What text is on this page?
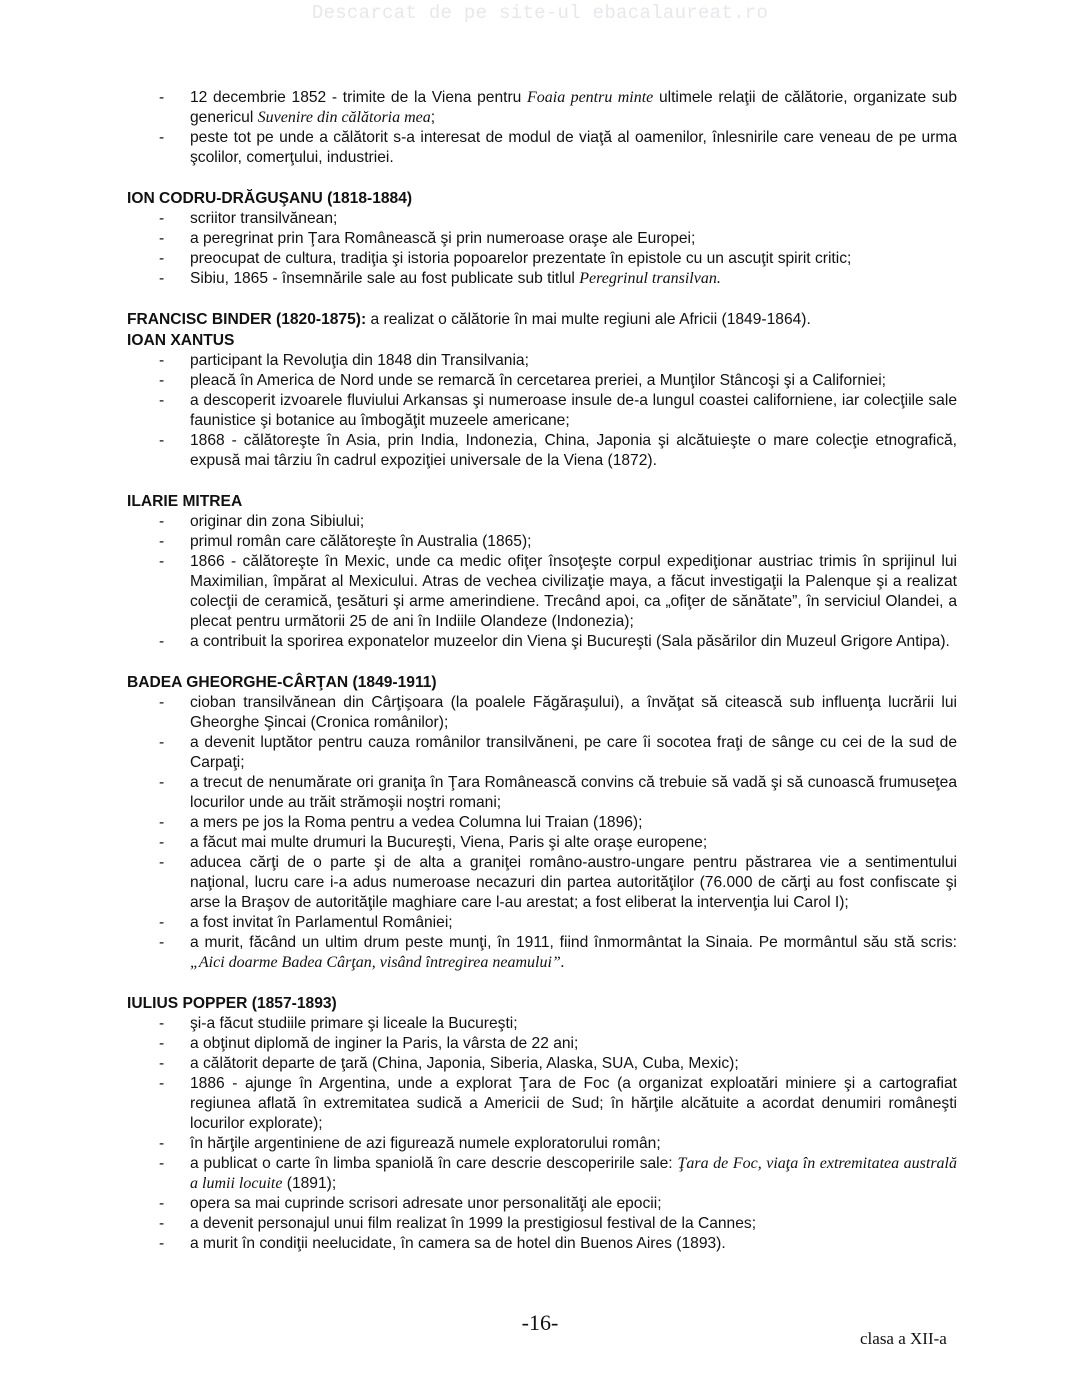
Descarcat de pe site-ul ebacalaureat.ro
- 12 decembrie 1852 - trimite de la Viena pentru Foaia pentru minte ultimele relaţii de călătorie, organizate sub genericul Suvenire din călătoria mea;
- peste tot pe unde a călătorit s-a interesat de modul de viaţă al oamenilor, înlesnirile care veneau de pe urma şcolilor, comerţului, industriei.
ION CODRU-DRĂGUŞANU (1818-1884)
- scriitor transilvănean;
- a peregrinat prin Ţara Românească şi prin numeroase oraşe ale Europei;
- preocupat de cultura, tradiţia şi istoria popoarelor prezentate în epistole cu un ascuţit spirit critic;
- Sibiu, 1865 - însemnările sale au fost publicate sub titlul Peregrinul transilvan.
FRANCISC BINDER (1820-1875): a realizat o călătorie în mai multe regiuni ale Africii (1849-1864).
IOAN XANTUS
- participant la Revoluţia din 1848 din Transilvania;
- pleacă în America de Nord unde se remarcă în cercetarea preriei, a Munţilor Stâncoşi şi a Californiei;
- a descoperit izvoarele fluviului Arkansas şi numeroase insule de-a lungul coastei californiene, iar colecţiile sale faunistice şi botanice au îmbogăţit muzeele americane;
- 1868 - călătoreşte în Asia, prin India, Indonezia, China, Japonia şi alcătuieşte o mare colecţie etnografică, expusă mai târziu în cadrul expoziţiei universale de la Viena (1872).
ILARIE MITREA
- originar din zona Sibiului;
- primul român care călătoreşte în Australia (1865);
- 1866 - călătoreşte în Mexic, unde ca medic ofiţer însoţeşte corpul expediţionar austriac trimis în sprijinul lui Maximilian, împărat al Mexicului. Atras de vechea civilizaţie maya, a făcut investigaţii la Palenque şi a realizat colecţii de ceramică, ţesături şi arme amerindiene. Trecând apoi, ca „ofiţer de sănătate”, în serviciul Olandei, a plecat pentru următorii 25 de ani în Indiile Olandeze (Indonezia);
- a contribuit la sporirea exponatelor muzeelor din Viena şi Bucureşti (Sala păsărilor din Muzeul Grigore Antipa).
BADEA GHEORGHE-CÂRŢAN (1849-1911)
- cioban transilvănean din Cârţişoara (la poalele Făgăraşului), a învăţat să citească sub influenţa lucrării lui Gheorghe Şincai (Cronica românilor);
- a devenit luptător pentru cauza românilor transilvăneni, pe care îi socotea fraţi de sânge cu cei de la sud de Carpaţi;
- a trecut de nenumărate ori graniţa în Ţara Românească convins că trebuie să vadă şi să cunoască frumuseţea locurilor unde au trăit strămoşii noştri romani;
- a mers pe jos la Roma pentru a vedea Columna lui Traian (1896);
- a făcut mai multe drumuri la Bucureşti, Viena, Paris şi alte oraşe europene;
- aducea cărţi de o parte şi de alta a graniţei româno-austro-ungare pentru păstrarea vie a sentimentului naţional, lucru care i-a adus numeroase necazuri din partea autorităţilor (76.000 de cărţi au fost confiscate şi arse la Braşov de autorităţile maghiare care l-au arestat; a fost eliberat la intervenţia lui Carol I);
- a fost invitat în Parlamentul României;
- a murit, făcând un ultim drum peste munţi, în 1911, fiind înmormântat la Sinaia. Pe mormântul său stă scris: „Aici doarme Badea Cârţan, visând întregirea neamului”.
IULIUS POPPER (1857-1893)
- şi-a făcut studiile primare şi liceale la Bucureşti;
- a obţinut diplomă de inginer la Paris, la vârsta de 22 ani;
- a călătorit departe de ţară (China, Japonia, Siberia, Alaska, SUA, Cuba, Mexic);
- 1886 - ajunge în Argentina, unde a explorat Ţara de Foc (a organizat exploatări miniere şi a cartografiat regiunea aflată în extremitatea sudică a Americii de Sud; în hărţile alcătuite a acordat denumiri româneşti locurilor explorate);
- în hărţile argentiniene de azi figurează numele exploratorului român;
- a publicat o carte în limba spaniolă în care descrie descoperirile sale: Ţara de Foc, viaţa în extremitatea australă a lumii locuite (1891);
- opera sa mai cuprinde scrisori adresate unor personalităţi ale epocii;
- a devenit personajul unui film realizat în 1999 la prestigiosul festival de la Cannes;
- a murit în condiţii neelucidate, în camera sa de hotel din Buenos Aires (1893).
-16-
clasa a XII-a
